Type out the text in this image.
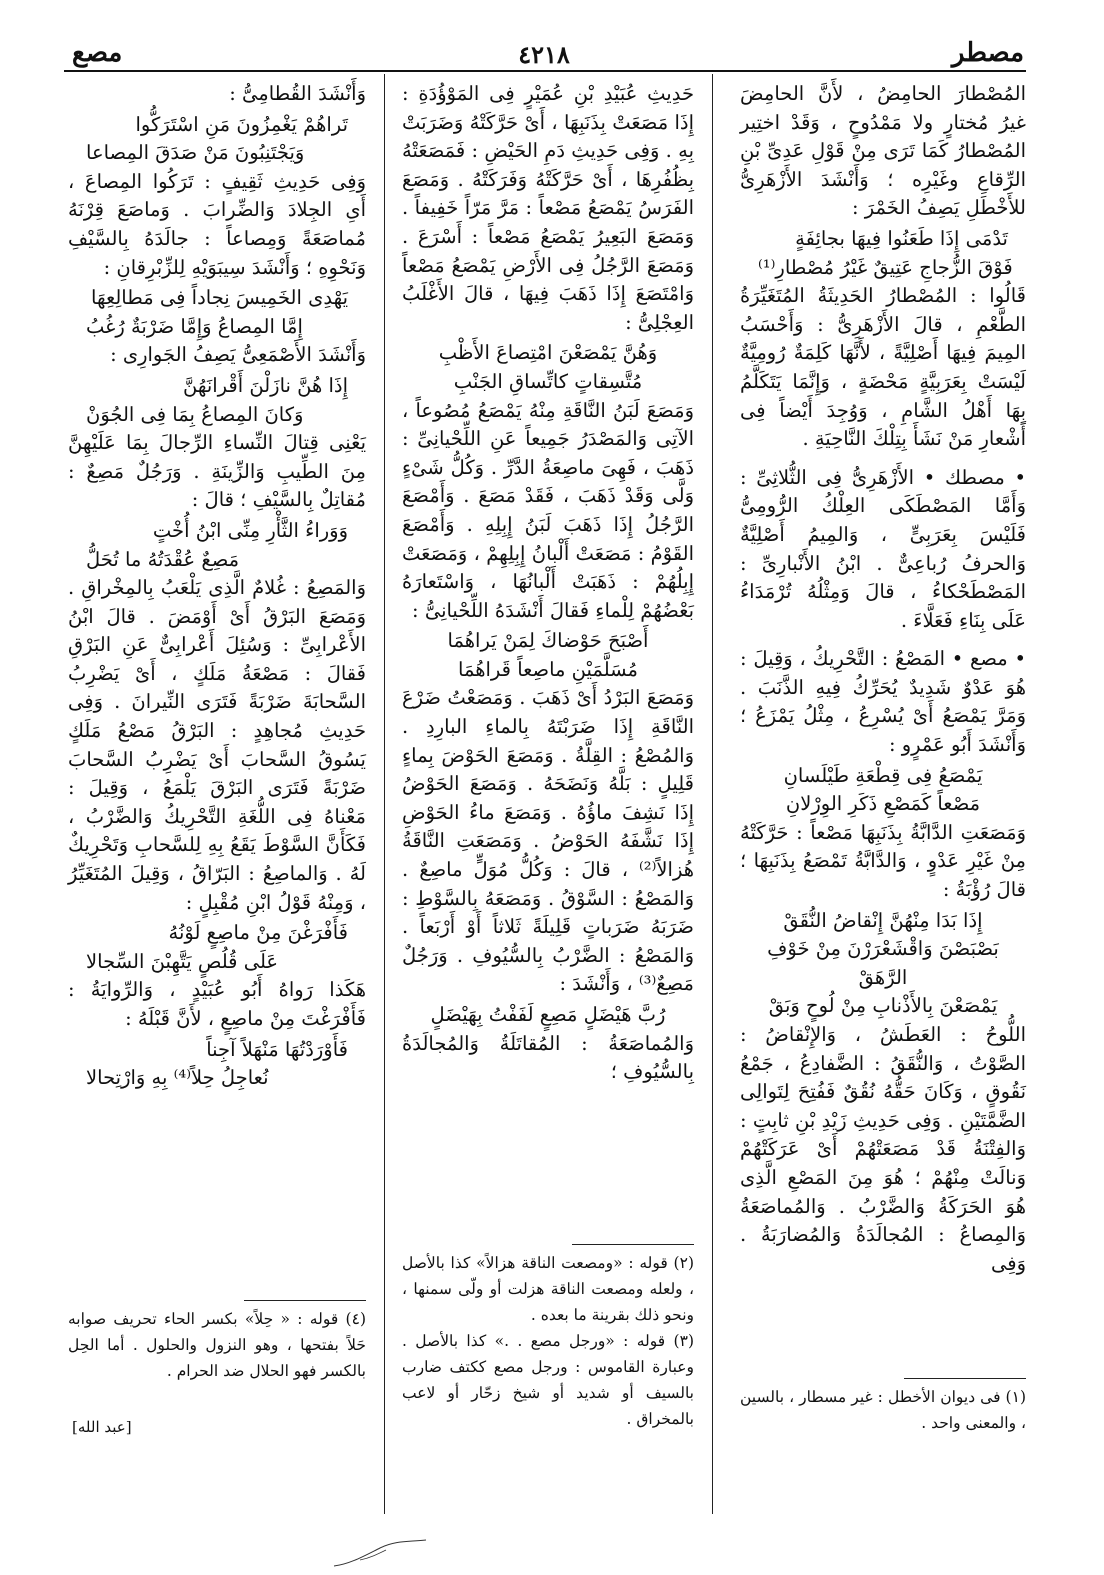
مصطر
٤٢١٨
مصع

المُصْطارَ الحامِضُ ، لأَنَّ الحامِضَ غيرُ مُختارٍ ولا مَمْدُوحٍ ، وَقَدْ اختِير المُصْطارُ كَمَا تَرَى مِنْ قَوْلِ عَدِىِّ بْنِ الرِّقاعِ وغَيْرِه ؛ وَأَنْشَدَ الأَزْهَرِىُّ للأَخْطَلِ يَصِفُ الخَمْرَ :

تَدْمَى إِذَا طَعَنُوا فِيهَا بجائِفَةٍ

فَوْقَ الزُّجاجِ عَتِيقٌ غَيْرُ مُصْطارِ⁽¹⁾

قَالُوا : المُصْطارُ الحَدِيثَةُ المُتَغَيِّرَةُ الطَّعْمِ ، قالَ الأَزْهَرِىُّ : وَأَحْسَبُ المِيمَ فِيهَا أَصْلِيَّةً ، لأَنَّهَا كَلِمَةٌ رُومِيَّةٌ لَيْسَتْ بِعَرَبِيَّةٍ مَحْضَةٍ ، وَإِنَّمَا يَتَكَلَّمُ بِهَا أَهْلُ الشَّامِ ، وَوُجِدَ أَيْضاً فِى أَشْعارِ مَنْ نَشَأَ بِتِلْكَ النَّاحِيَةِ .

• مصطك • الأَزْهَرِىُّ فِى الثُّلاثِىِّ : وَأَمَّا المَصْطَكَى العِلْكُ الرُّومِىُّ فَلَيْسَ بِعَرَبِىٍّ ، وَالمِيمُ أَصْلِيَّةٌ وَالحرفُ رُباعِىٌّ . ابْنُ الأَنْبارِىِّ : المَصْطَحْكاءُ ، قالَ وَمِثْلُهُ تُرْمَدَاءُ عَلَى بِنَاءِ فَعَلَّاءَ .

• مصع • المَصْعُ : التَّحْرِيكُ ، وَقِيلَ : هُوَ عَدْوٌ شَدِيدٌ يُحَرِّكُ فِيهِ الذَّنَبَ . وَمَرَّ يَمْصَعُ أَىْ يُسْرِعُ ، مِثْلُ يَمْزَعُ ؛ وَأَنْشَدَ أَبُو عَمْرٍو :

يَمْصَعُ فِى قِطْعَةِ طَيْلَسانِ

مَصْعاً كَمَصْعِ ذَكَرِ الوِرْلانِ

وَمَصَعَتِ الدَّابَّةُ بِذَنَبِهَا مَصْعاً : حَرَّكَتْهُ مِنْ غَيْرِ عَدْوٍ ، وَالدَّابَّةُ تَمْصَعُ بِذَنَبِهَا ؛ قالَ رُؤْبَةُ :

إِذَا بَدَا مِنْهُنَّ إِنْقاضُ النُّقَقْ

بَصْبَصْنَ وَاقْشَعْرَرْنَ مِنْ خَوْفِ الرَّهَقْ

يَمْصَعْنَ بِالأَذْنابِ مِنْ لُوحٍ وَبَقْ

اللُّوحُ : العَطَشُ ، وَالإِنْقاضُ : الصَّوْتُ ، وَالنُّقَقُ : الضَّفادِعُ ، جَمْعُ نَقُوقٍ ، وَكَانَ حَقُّهُ نُقُقٌ فَفُتِحَ لِتَوالِى الضَّمَّتَيْنِ . وَفِى حَدِيثِ زَيْدِ بْنِ ثابِتٍ : وَالفِتْنَةُ قَدْ مَصَعَتْهُمْ أَىْ عَرَكَتْهُمْ وَنالَتْ مِنْهُمْ ؛ هُوَ مِنَ المَصْعِ الَّذِى هُوَ الحَرَكَةُ وَالضَّرْبُ . وَالمُماصَعَةُ وَالمِصاعُ : المُجالَدَةُ وَالمُضارَبَةُ . وَفِى

حَدِيثِ عُبَيْدِ بْنِ عُمَيْرٍ فِى المَوْؤُدَةِ : إِذَا مَصَعَتْ بِذَنَبِهَا ، أَىْ حَرَّكَتْهُ وَضَرَبَتْ بِهِ . وَفِى حَدِيثِ دَمِ الحَيْضِ : فَمَصَعَتْهُ بِظُفُرِهَا ، أَىْ حَرَّكَتْهُ وَفَرَكَتْهُ . وَمَصَعَ الفَرَسُ يَمْصَعُ مَصْعاً : مَرَّ مَرّاً خَفِيفاً . وَمَصَعَ البَعِيرُ يَمْصَعُ مَصْعاً : أَسْرَعَ . وَمَصَعَ الرَّجُلُ فِى الأَرْضِ يَمْصَعُ مَصْعاً وَامْتَصَعَ إِذَا ذَهَبَ فِيهَا ، قالَ الأَغْلَبُ العِجْلِىُّ :

وَهُنَّ يَمْصَعْنَ امْتِصاعَ الأَظْبِ

مُتَّسِقاتٍ كاتِّساقِ الجَنْبِ

وَمَصَعَ لَبَنُ النَّاقَةِ مِنْهُ يَمْصَعُ مُصُوعاً ، الآتِى وَالمَصْدَرُ جَمِيعاً عَنِ اللِّحْيانِىِّ : ذَهَبَ ، فَهِىَ ماصِعَةُ الدَّرِّ . وَكُلُّ شَىْءٍ وَلَّى وَقَدْ ذَهَبَ ، فَقَدْ مَصَعَ . وَأَمْصَعَ الرَّجُلُ إِذَا ذَهَبَ لَبَنُ إِبِلِهِ . وَأَمْصَعَ القَوْمُ : مَصَعَتْ أَلْبانُ إِبِلِهِمْ ، وَمَصَعَتْ إِبِلُهُمْ : ذَهَبَتْ أَلْبانُهَا ، وَاسْتَعارَهُ بَعْضُهُمْ لِلْماءِ فَقالَ أَنْشَدَهُ اللِّحْيانِىُّ :

أَصْبَحَ حَوْضاكَ لِمَنْ يَراهُمَا

مُسَلَّمَيْنِ ماصِعاً قَراهُمَا

وَمَصَعَ البَرْدُ أَىْ ذَهَبَ . وَمَصَعْتُ ضَرْعَ النَّاقَةِ إِذَا ضَرَبْتَهُ بِالماءِ البارِدِ . وَالمُصْعُ : القِلَّةُ . وَمَصَعَ الحَوْضَ بِماءٍ قَلِيلٍ : بَلَّهُ وَنَضَحَهُ . وَمَصَعَ الحَوْضُ إِذَا نَشِفَ ماؤُهُ . وَمَصَعَ ماءُ الحَوْضِ إِذَا نَشَّفَهُ الحَوْضُ . وَمَصَعَتِ النَّاقَةُ هُزالاً⁽²⁾ ، قالَ : وَكُلُّ مُوَلٍّ ماصِعٌ . وَالمَصْعُ : السَّوْقُ . وَمَصَعَهُ بِالسَّوْطِ : ضَرَبَهُ ضَرَباتٍ قَلِيلَةً ثَلاثاً أَوْ أَرْبَعاً . وَالمَصْعُ : الضَّرْبُ بِالسُّيُوفِ . وَرَجُلٌ مَصِعٌ⁽³⁾ ، وَأَنْشَدَ :

رُبَّ هَيْضَلٍ مَصِعٍ لَفَفْتُ بِهَيْضَلٍ

وَالمُماصَعَةُ : المُقاتَلَةُ وَالمُجالَدَةُ بِالسُّيُوفِ ؛

وَأَنْشَدَ القُطامِىُّ :

تَراهُمْ يَغْمِزُونَ مَنِ اسْتَرَكُّوا

وَيَجْتَنِبُونَ مَنْ صَدَقَ المِصاعا

وَفِى حَدِيثِ ثَقِيفٍ : تَرَكُوا المِصاعَ ، أَىِ الجِلادَ وَالضِّرابَ . وَماصَعَ قِرْنَهُ مُماصَعَةً وَمِصاعاً : جالَدَهُ بِالسَّيْفِ وَنَحْوِهِ ؛ وَأَنْشَدَ سِيبَوَيْهِ لِلزِّبْرِقانِ :

يَهْدِى الخَمِيسَ نِجاداً فِى مَطالِعِهَا

إِمَّا المِصاعُ وَإِمَّا ضَرْبَةٌ رُغُبُ

وَأَنْشَدَ الأَصْمَعِىُّ يَصِفُ الجَوارِى :

إِذَا هُنَّ نازَلْنَ أَقْرانَهُنَّ

وَكانَ المِصاعُ بِمَا فِى الجُوَنْ

يَعْنِى قِتالَ النِّساءِ الرِّجالَ بِمَا عَلَيْهِنَّ مِنَ الطِّيبِ وَالزِّينَةِ . وَرَجُلٌ مَصِعٌ : مُقاتِلٌ بِالسَّيْفِ ؛ قالَ :

وَوَراءُ الثَّأْرِ مِنِّى ابْنُ أُخْتٍ

مَصِعٌ عُقْدَتُهُ ما تُحَلُّ

وَالمَصِعُ : غُلامٌ الَّذِى يَلْعَبُ بِالمِخْراقِ . وَمَصَعَ البَرْقُ أَىْ أَوْمَضَ . قالَ ابْنُ الأَعْرابِىِّ : وَسُئِلَ أَعْرابِىٌّ عَنِ البَرْقِ فَقالَ : مَصْعَةُ مَلَكٍ ، أَىْ يَضْرِبُ السَّحابَةَ ضَرْبَةً فَتَرَى النِّيرانَ . وَفِى حَدِيثِ مُجاهِدٍ : البَرْقُ مَصْعُ مَلَكٍ يَسُوقُ السَّحابَ أَىْ يَضْرِبُ السَّحابَ ضَرْبَةً فَتَرَى البَرْقَ يَلْمَعُ ، وَقِيلَ : مَعْناهُ فِى اللُّغَةِ التَّحْرِيكُ وَالضَّرْبُ ، فَكَأَنَّ السَّوْطَ يَقَعُ بِهِ لِلسَّحابِ وَتَحْرِيكٌ لَهُ . وَالماصِعُ : البَرّاقُ ، وَقِيلَ المُتَغَيِّرُ ، وَمِنْهُ قَوْلُ ابْنِ مُقْبِلٍ :

فَأَفْرَغْنَ مِنْ ماصِعٍ لَوْنُهُ

عَلَى قُلُصٍ يَتَّهِبْنَ السِّجالا

هَكَذا رَواهُ أَبُو عُبَيْدٍ ، وَالرِّوايَةُ : فَأَفْرَغْتَ مِنْ ماصِعٍ ، لأَنَّ قَبْلَهُ :

فَأَوْرَدْتُهَا مَنْهَلاً آجِناً

نُعاجِلُ حِلاً⁽⁴⁾ بِهِ وَارْتِحالا

(١) فى ديوان الأخطل : غير مسطار ، بالسين ، والمعنى واحد .

(٢) قوله : «ومصعت الناقة هزالاً» كذا بالأصل ، ولعله ومصعت الناقة هزلت أو ولّى سمنها ، ونحو ذلك بقرينة ما بعده .

(٣) قوله : «ورجل مصع . .» كذا بالأصل . وعبارة القاموس : ورجل مصع ككتف ضارب بالسيف أو شديد أو شيخ زحّار أو لاعب بالمخراق .

(٤) قوله : « حِلاً» بكسر الحاء تحريف صوابه حَلاً بفتحها ، وهو النزول والحلول . أما الحِل بالكسر فهو الحلال ضد الحرام .

[عبد الله]
